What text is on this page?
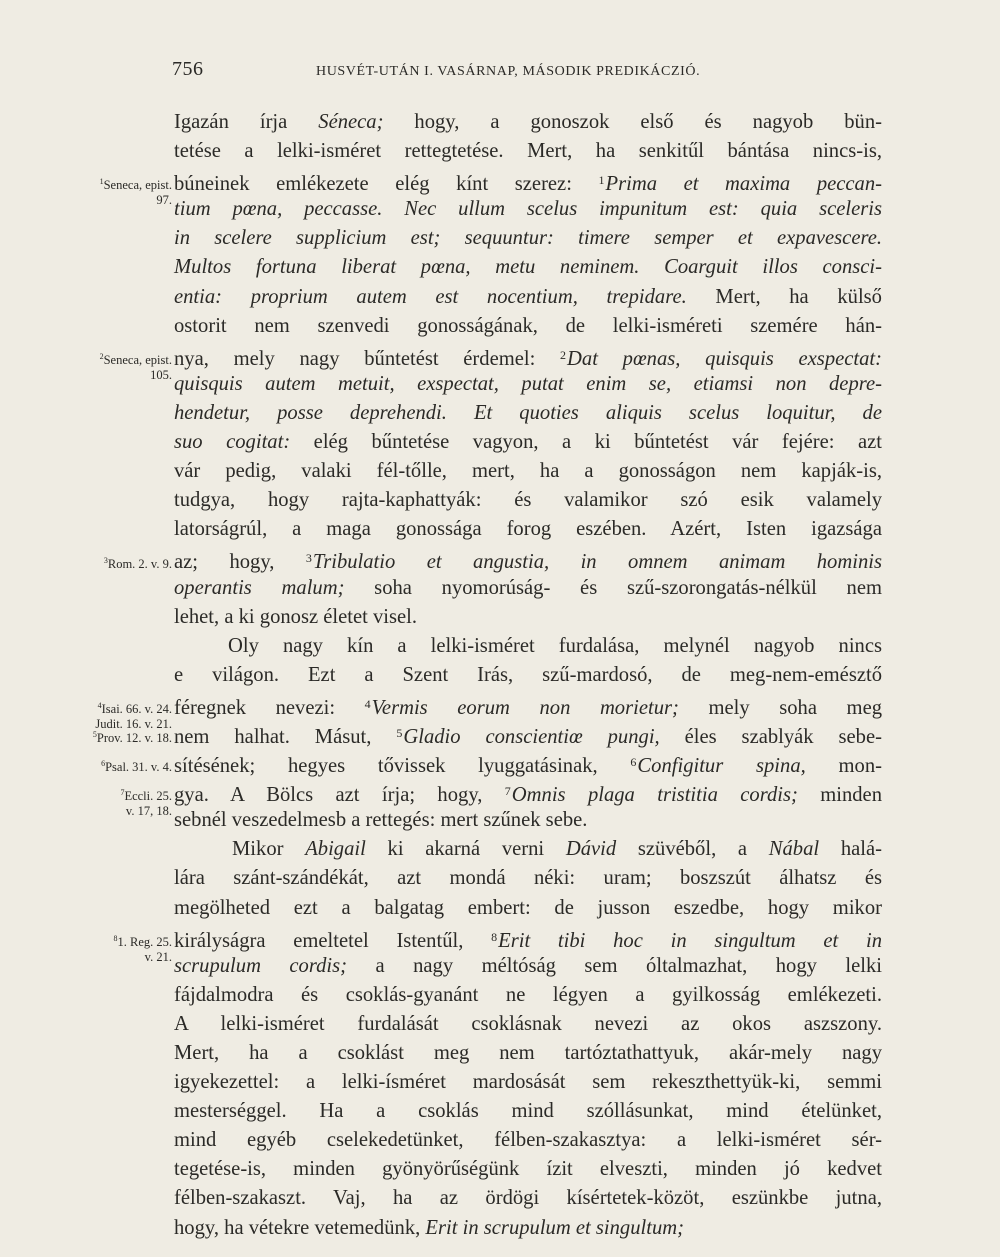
756	HUSVÉT-UTÁN I. VASÁRNAP, MÁSODIK PREDIKÁCZIÓ.
$^1$Seneca, epist.
97.
$^2$Seneca, epist.
105.
$^3$Rom. 2. v. 9.
$^4$Isai. 66. v. 24.
Judit. 16. v. 21.
$^5$Prov. 12. v. 18.
$^6$Psal. 31. v. 4.
$^7$Eccli. 25.
v. 17, 18.
$^8$1. Reg. 25.
v. 21.
Igazán írja Séneca; hogy, a gonoszok első és nagyob bün-
tetése a lelki-isméret rettegtetése. Mert, ha senkitűl bántása nincs-is,
búneinek emlékezete elég kínt szerez: $^1$Prima et maxima peccan-
tium pœna, peccasse. Nec ullum scelus impunitum est: quia sceleris
in scelere supplicium est; sequuntur: timere semper et expavescere.
Multos fortuna liberat pœna, metu neminem. Coarguit illos consci-
entia: proprium autem est nocentium, trepidare. Mert, ha külső
ostorit nem szenvedi gonosságának, de lelki-isméreti szemére hán-
nya, mely nagy bűntetést érdemel: $^2$Dat pœnas, quisquis exspectat:
quisquis autem metuit, exspectat, putat enim se, etiamsi non depre-
hendetur, posse deprehendi. Et quoties aliquis scelus loquitur, de
suo cogitat: elég bűntetése vagyon, a ki bűntetést vár fejére: azt
vár pedig, valaki fél-tőlle, mert, ha a gonosságon nem kapják-is,
tudgya, hogy rajta-kaphattyák: és valamikor szó esik valamely
latorságrúl, a maga gonossága forog eszében. Azért, Isten igazsága
az; hogy, $^3$Tribulatio et angustia, in omnem animam hominis
operantis malum; soha nyomorúság- és szű-szorongatás-nélkül nem
lehet, a ki gonosz életet visel.
Oly nagy kín a lelki-isméret furdalása, melynél nagyob nincs
e világon. Ezt a Szent Irás, szű-mardosó, de meg-nem-emésztő
féregnek nevezi: $^4$Vermis eorum non morietur; mely soha meg
nem halhat. Másut, $^5$Gladio conscientiœ pungi, éles szablyák sebe-
sítésének; hegyes tővissek lyuggatásinak, $^6$Configitur spina, mon-
gya. A Bölcs azt írja; hogy, $^7$Omnis plaga tristitia cordis; minden
sebnél veszedelmesb a rettegés: mert szűnek sebe.
Mikor Abigail ki akarná verni Dávid szüvéből, a Nábal halá-
lára szánt-szándékát, azt mondá néki: uram; boszszút álhatsz és
megölheted ezt a balgatag embert: de jusson eszedbe, hogy mikor
királyságra emeltetel Istentűl, $^8$Erit tibi hoc in singultum et in
scrupulum cordis; a nagy méltóság sem óltalmazhat, hogy lelki
fájdalmodra és csoklás-gyanánt ne légyen a gyilkosság emlékezeti.
A lelki-isméret furdalását csoklásnak nevezi az okos aszszony.
Mert, ha a csoklást meg nem tartóztathattyuk, akár-mely nagy
igyekezettel: a lelki-ísméret mardosását sem rekeszthettyük-ki, semmi
mesterséggel. Ha a csoklás mind szóllásunkat, mind ételünket,
mind egyéb cselekedetünket, félben-szakasztya: a lelki-isméret sér-
tegetése-is, minden gyönyörűségünk ízit elveszti, minden jó kedvet
félben-szakaszt. Vaj, ha az ördögi kísértetek-közöt, eszünkbe jutna,
hogy, ha vétekre vetemedünk, Erit in scrupulum et singultum;
